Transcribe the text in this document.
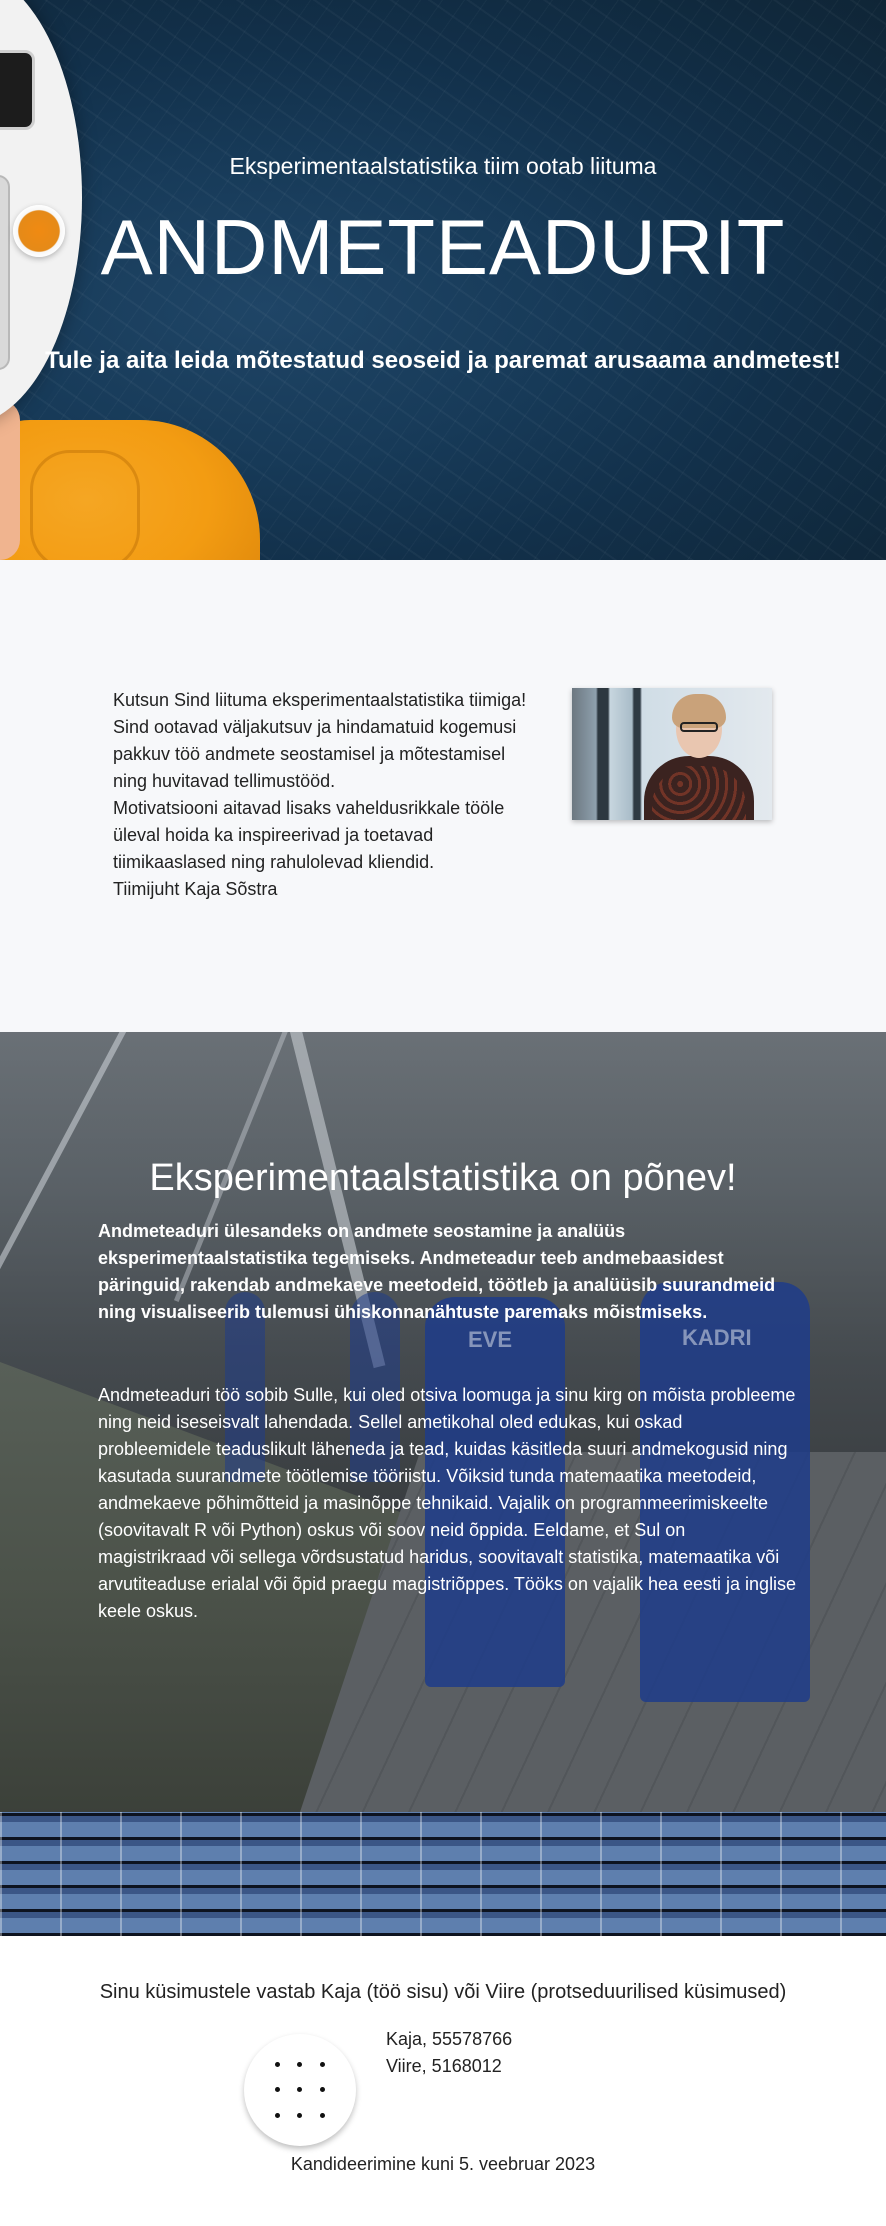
Eksperimentaalstatistika tiim ootab liituma
ANDMETEADURIT
Tule ja aita leida mõtestatud seoseid ja paremat arusaama andmetest!

Kutsun Sind liituma eksperimentaalstatistika tiimiga!

Sind ootavad väljakutsuv ja hindamatuid kogemusi pakkuv töö andmete seostamisel ja mõtestamisel ning huvitavad tellimustööd.

Motivatsiooni aitavad lisaks vaheldusrikkale tööle üleval hoida ka inspireerivad ja toetavad tiimikaaslased ning rahulolevad kliendid.

Tiimijuht Kaja Sõstra

EVE	KADRI
Eksperimentaalstatistika on põnev!

Andmeteaduri ülesandeks on andmete seostamine ja analüüs eksperimentaalstatistika tegemiseks. Andmeteadur teeb andmebaasidest päringuid, rakendab andmekaeve meetodeid, töötleb ja analüüsib suurandmeid ning visualiseerib tulemusi ühiskonnanähtuste paremaks mõistmiseks.

Andmeteaduri töö sobib Sulle, kui oled otsiva loomuga ja sinu kirg on mõista probleeme ning neid iseseisvalt lahendada. Sellel ametikohal oled edukas, kui oskad probleemidele teaduslikult läheneda ja tead, kuidas käsitleda suuri andmekogusid ning kasutada suurandmete töötlemise tööriistu. Võiksid tunda matemaatika meetodeid, andmekaeve põhimõtteid ja masinõppe tehnikaid. Vajalik on programmeerimiskeelte (soovitavalt R või Python) oskus või soov neid õppida. Eeldame, et Sul on magistrikraad või sellega võrdsustatud haridus, soovitavalt statistika, matemaatika või arvutiteaduse erialal või õpid praegu magistriõppes. Tööks on vajalik hea eesti ja inglise keele oskus.

Sinu küsimustele vastab Kaja (töö sisu) või Viire (protseduurilised küsimused)
Kaja, 55578766
Viire, 5168012
Kandideerimine kuni 5. veebruar 2023
